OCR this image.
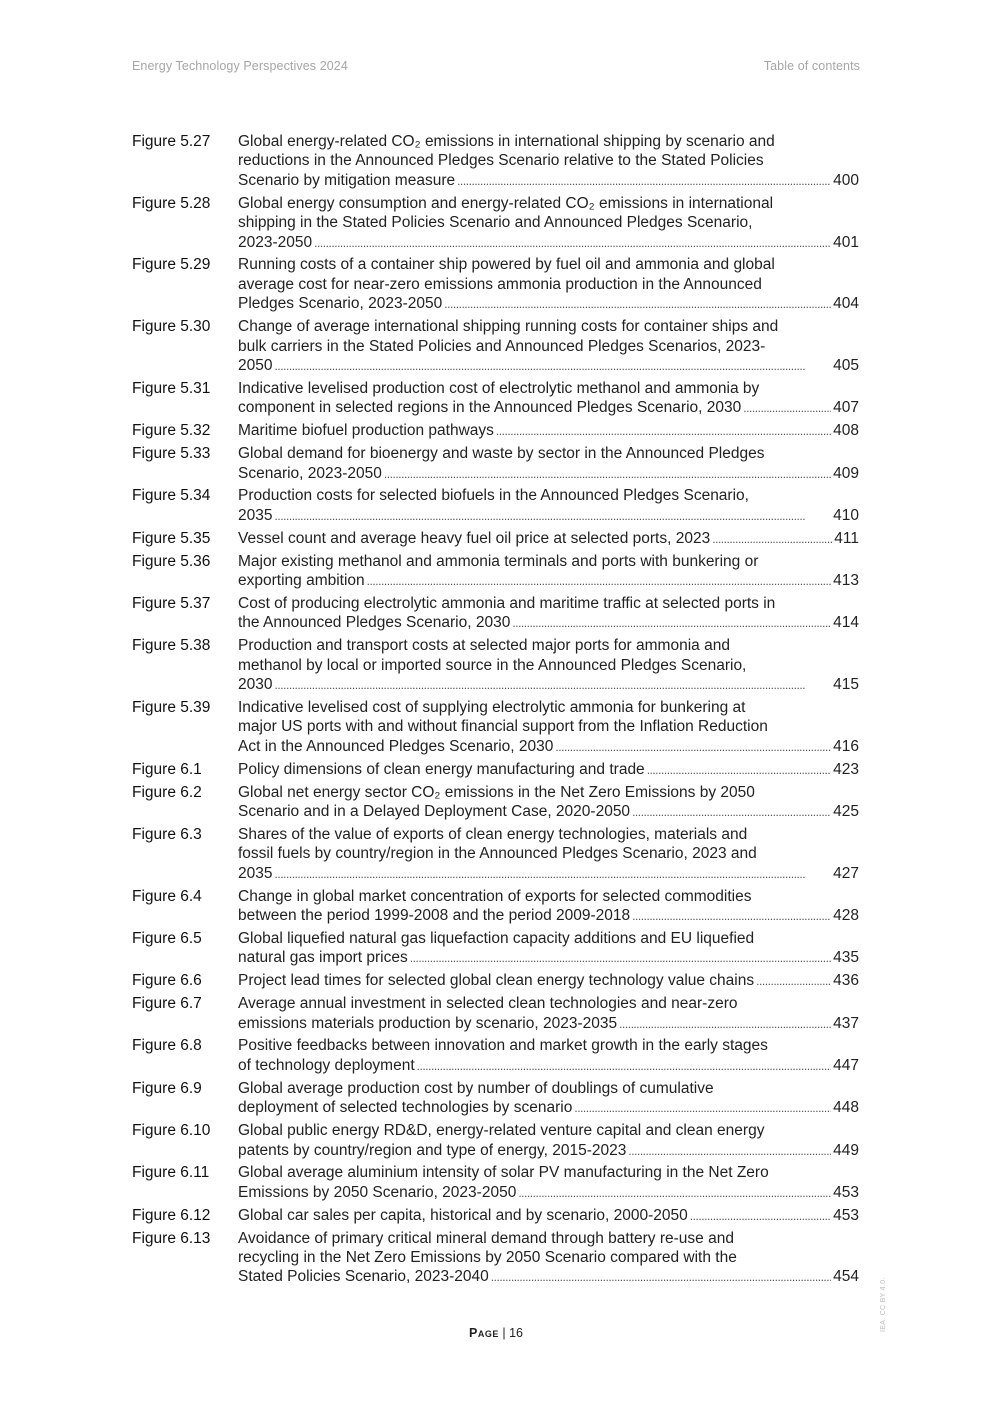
Energy Technology Perspectives 2024	Table of contents
Figure 5.27	Global energy-related CO₂ emissions in international shipping by scenario and
reductions in the Announced Pledges Scenario relative to the Stated Policies
Scenario by mitigation measure . . .	400
Figure 5.28	Global energy consumption and energy-related CO₂ emissions in international
shipping in the Stated Policies Scenario and Announced Pledges Scenario,
2023-2050 . . .	401
Figure 5.29	Running costs of a container ship powered by fuel oil and ammonia and global
average cost for near-zero emissions ammonia production in the Announced
Pledges Scenario, 2023-2050 . . .	404
Figure 5.30	Change of average international shipping running costs for container ships and
bulk carriers in the Stated Policies and Announced Pledges Scenarios, 2023-
2050 . . .	405
Figure 5.31	Indicative levelised production cost of electrolytic methanol and ammonia by
component in selected regions in the Announced Pledges Scenario, 2030 . . .	407
Figure 5.32	Maritime biofuel production pathways . . .	408
Figure 5.33	Global demand for bioenergy and waste by sector in the Announced Pledges
Scenario, 2023-2050 . . .	409
Figure 5.34	Production costs for selected biofuels in the Announced Pledges Scenario,
2035 . . .	410
Figure 5.35	Vessel count and average heavy fuel oil price at selected ports, 2023 . . .	411
Figure 5.36	Major existing methanol and ammonia terminals and ports with bunkering or
exporting ambition . . .	413
Figure 5.37	Cost of producing electrolytic ammonia and maritime traffic at selected ports in
the Announced Pledges Scenario, 2030 . . .	414
Figure 5.38	Production and transport costs at selected major ports for ammonia and
methanol by local or imported source in the Announced Pledges Scenario,
2030 . . .	415
Figure 5.39	Indicative levelised cost of supplying electrolytic ammonia for bunkering at
major US ports with and without financial support from the Inflation Reduction
Act in the Announced Pledges Scenario, 2030 . . .	416
Figure 6.1	Policy dimensions of clean energy manufacturing and trade . . .	423
Figure 6.2	Global net energy sector CO₂ emissions in the Net Zero Emissions by 2050
Scenario and in a Delayed Deployment Case, 2020-2050 . . .	425
Figure 6.3	Shares of the value of exports of clean energy technologies, materials and
fossil fuels by country/region in the Announced Pledges Scenario, 2023 and
2035 . . .	427
Figure 6.4	Change in global market concentration of exports for selected commodities
between the period 1999-2008 and the period 2009-2018 . . .	428
Figure 6.5	Global liquefied natural gas liquefaction capacity additions and EU liquefied
natural gas import prices . . .	435
Figure 6.6	Project lead times for selected global clean energy technology value chains . . .	436
Figure 6.7	Average annual investment in selected clean technologies and near-zero
emissions materials production by scenario, 2023-2035 . . .	437
Figure 6.8	Positive feedbacks between innovation and market growth in the early stages
of technology deployment . . .	447
Figure 6.9	Global average production cost by number of doublings of cumulative
deployment of selected technologies by scenario . . .	448
Figure 6.10	Global public energy RD&D, energy-related venture capital and clean energy
patents by country/region and type of energy, 2015-2023 . . .	449
Figure 6.11	Global average aluminium intensity of solar PV manufacturing in the Net Zero
Emissions by 2050 Scenario, 2023-2050 . . .	453
Figure 6.12	Global car sales per capita, historical and by scenario, 2000-2050 . . .	453
Figure 6.13	Avoidance of primary critical mineral demand through battery re-use and
recycling in the Net Zero Emissions by 2050 Scenario compared with the
Stated Policies Scenario, 2023-2040 . . .	454
Page | 16
IEA. CC BY 4.0.
